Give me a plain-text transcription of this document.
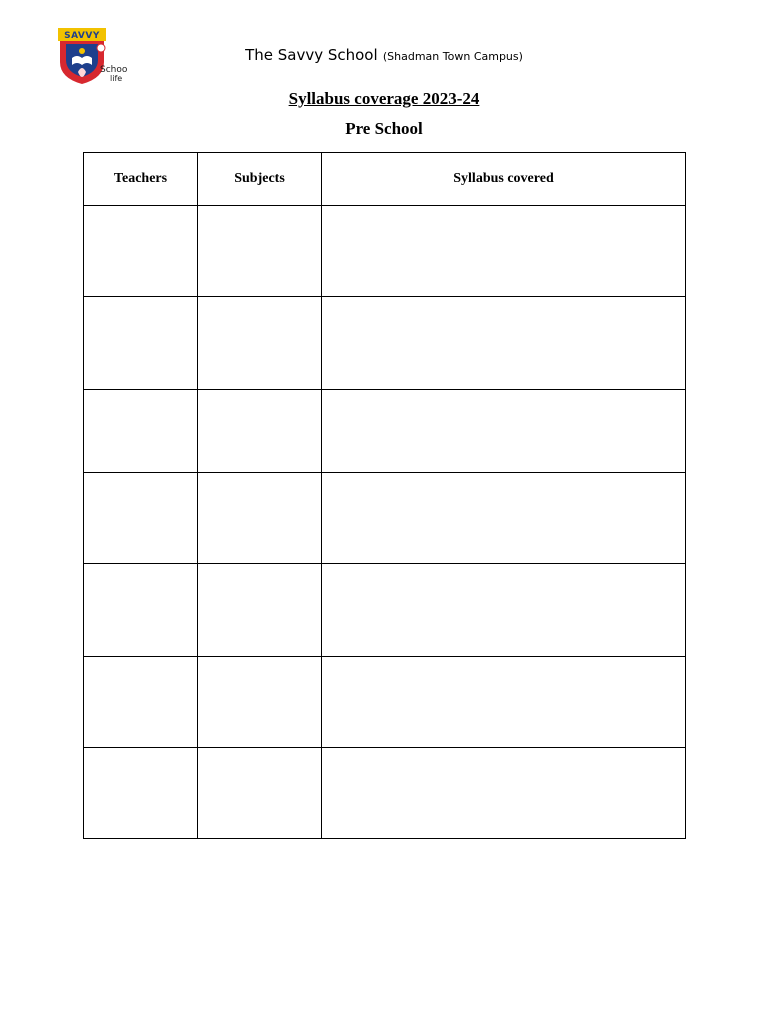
SAVVY
Schoo
life
The Savvy School (Shadman Town Campus)
Syllabus coverage 2023-24
Pre School
Teachers	Subjects	Syllabus covered
